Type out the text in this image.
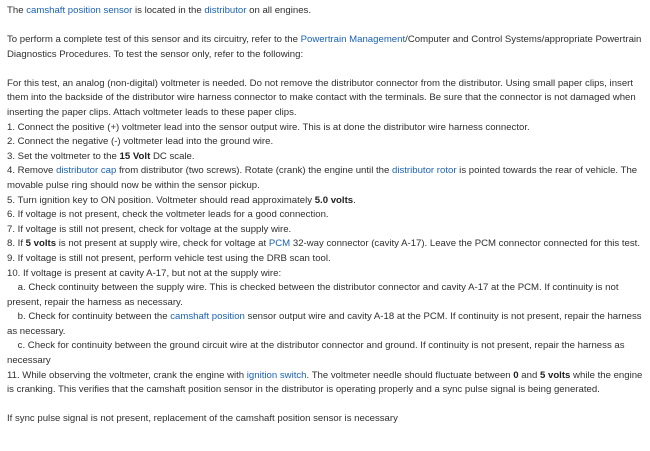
The camshaft position sensor is located in the distributor on all engines.

To perform a complete test of this sensor and its circuitry, refer to the Powertrain Management/Computer and Control Systems/appropriate Powertrain Diagnostics Procedures. To test the sensor only, refer to the following:

For this test, an analog (non-digital) voltmeter is needed. Do not remove the distributor connector from the distributor. Using small paper clips, insert them into the backside of the distributor wire harness connector to make contact with the terminals. Be sure that the connector is not damaged when inserting the paper clips. Attach voltmeter leads to these paper clips.

1. Connect the positive (+) voltmeter lead into the sensor output wire. This is at done the distributor wire harness connector.

2. Connect the negative (-) voltmeter lead into the ground wire.

3. Set the voltmeter to the 15 Volt DC scale.

4. Remove distributor cap from distributor (two screws). Rotate (crank) the engine until the distributor rotor is pointed towards the rear of vehicle. The movable pulse ring should now be within the sensor pickup.

5. Turn ignition key to ON position. Voltmeter should read approximately 5.0 volts.

6. If voltage is not present, check the voltmeter leads for a good connection.

7. If voltage is still not present, check for voltage at the supply wire.

8. If 5 volts is not present at supply wire, check for voltage at PCM 32-way connector (cavity A-17). Leave the PCM connector connected for this test.

9. If voltage is still not present, perform vehicle test using the DRB scan tool.

10. If voltage is present at cavity A-17, but not at the supply wire:

a. Check continuity between the supply wire. This is checked between the distributor connector and cavity A-17 at the PCM. If continuity is not present, repair the harness as necessary.

b. Check for continuity between the camshaft position sensor output wire and cavity A-18 at the PCM. If continuity is not present, repair the harness as necessary.

c. Check for continuity between the ground circuit wire at the distributor connector and ground. If continuity is not present, repair the harness as necessary

11. While observing the voltmeter, crank the engine with ignition switch. The voltmeter needle should fluctuate between 0 and 5 volts while the engine is cranking. This verifies that the camshaft position sensor in the distributor is operating properly and a sync pulse signal is being generated.

If sync pulse signal is not present, replacement of the camshaft position sensor is necessary
